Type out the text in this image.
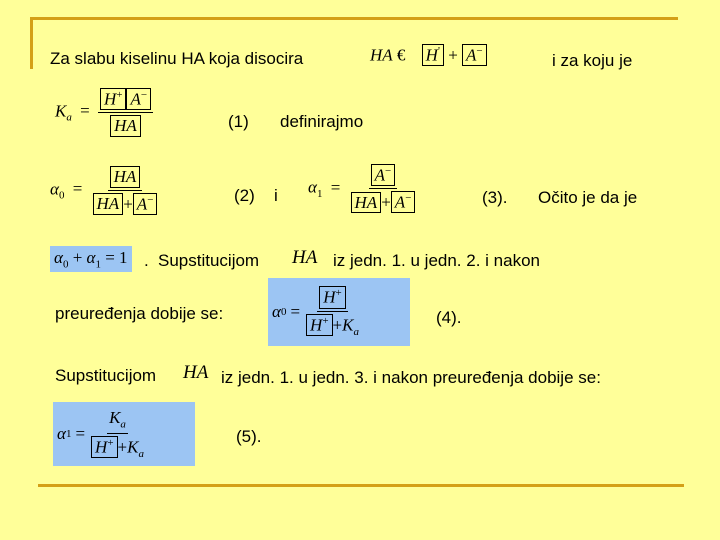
Za slabu kiselinu HA koja disocira	HA € H' + A−	i za koju je
$K_a = \frac{H^+ A^-}{HA}$	(1) definirajmo
$\alpha_0 = \frac{HA}{HA + A^-}$	(2) i $\alpha_1 = \frac{A^-}{HA + A^-}$	(3). Očito je da je
$\alpha_0 + \alpha_1 = 1$ . Supstitucijom HA iz jedn. 1. u jedn. 2. i nakon
preuređenja dobije se:	α $0 = \frac{H^+}{H^+ +K_a}$	(4).
Supstitucijom HA iz jedn. 1. u jedn. 3. i nakon preuređenja dobije se:
α $1 = \frac{K_a}{H^+ +K_a}$	(5).
